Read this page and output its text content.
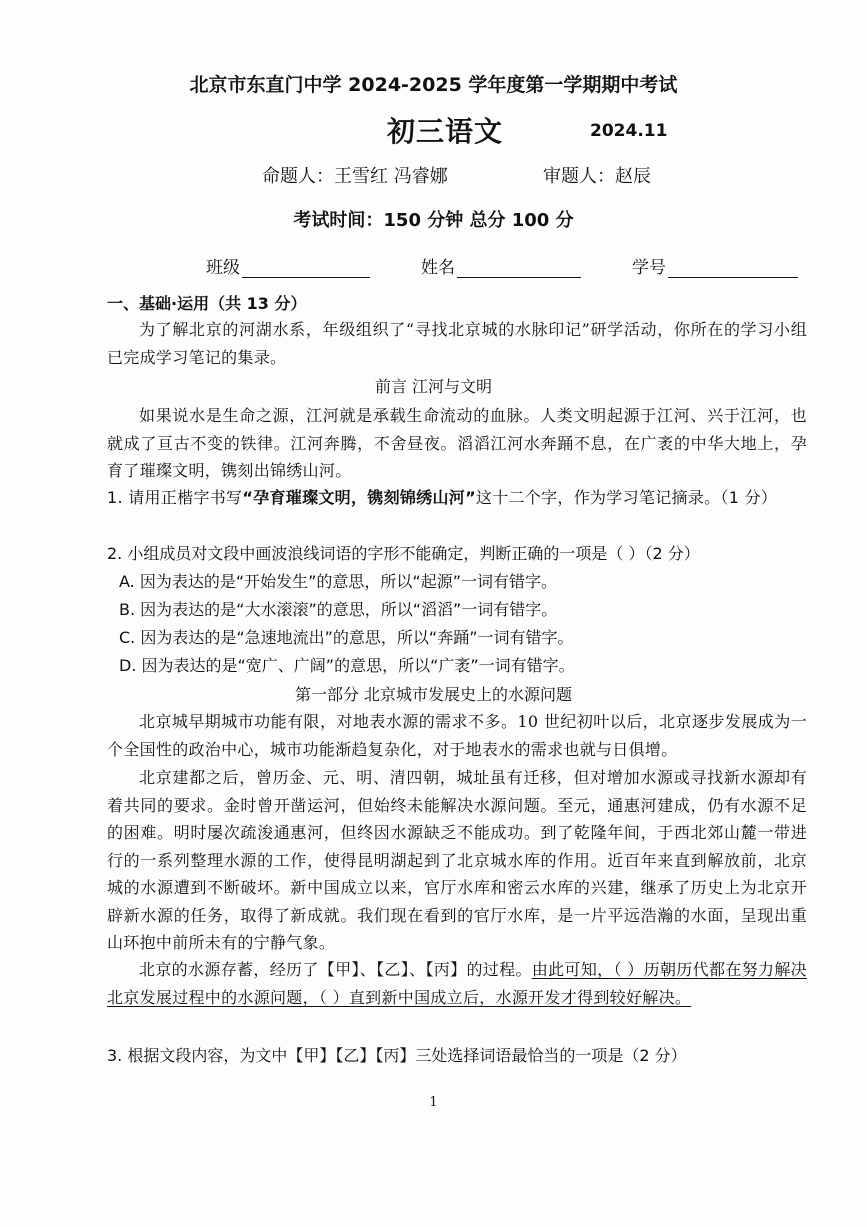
北京市东直门中学 2024-2025 学年度第一学期期中考试
初三语文	2024.11
命题人：王雪红 冯睿娜	审题人：赵辰
考试时间：150 分钟 总分 100 分
班级	姓名	学号
一、基础·运用（共 13 分）
为了解北京的河湖水系，年级组织了“寻找北京城的水脉印记”研学活动，你所在的学习小组已完成学习笔记的集录。
前言 江河与文明
如果说水是生命之源，江河就是承载生命流动的血脉。人类文明起源于江河、兴于江河，也就成了亘古不变的铁律。江河奔腾，不舍昼夜。滔滔江河水奔踊不息，在广袤的中华大地上，孕育了璀璨文明，镌刻出锦绣山河。
1. 请用正楷字书写“孕育璀璨文明，镌刻锦绣山河”这十二个字，作为学习笔记摘录。（1 分）
2. 小组成员对文段中画波浪线词语的字形不能确定，判断正确的一项是（ ）（2 分）
A. 因为表达的是“开始发生”的意思，所以“起源”一词有错字。
B. 因为表达的是“大水滚滚”的意思，所以“滔滔”一词有错字。
C. 因为表达的是“急速地流出”的意思，所以“奔踊”一词有错字。
D. 因为表达的是“宽广、广阔”的意思，所以“广袤”一词有错字。
第一部分 北京城市发展史上的水源问题
北京城早期城市功能有限，对地表水源的需求不多。10 世纪初叶以后，北京逐步发展成为一个全国性的政治中心，城市功能渐趋复杂化，对于地表水的需求也就与日俱增。
北京建都之后，曾历金、元、明、清四朝，城址虽有迁移，但对增加水源或寻找新水源却有着共同的要求。金时曾开凿运河，但始终未能解决水源问题。至元，通惠河建成，仍有水源不足的困难。明时屡次疏浚通惠河，但终因水源缺乏不能成功。到了乾隆年间，于西北郊山麓一带进行的一系列整理水源的工作，使得昆明湖起到了北京城水库的作用。近百年来直到解放前，北京城的水源遭到不断破坏。新中国成立以来，官厅水库和密云水库的兴建，继承了历史上为北京开辟新水源的任务，取得了新成就。我们现在看到的官厅水库，是一片平远浩瀚的水面，呈现出重山环抱中前所未有的宁静气象。
北京的水源存蓄，经历了【甲】、【乙】、【丙】的过程。由此可知，（ ）历朝历代都在努力解决北京发展过程中的水源问题，（ ）直到新中国成立后，水源开发才得到较好解决。
3. 根据文段内容，为文中【甲】【乙】【丙】三处选择词语最恰当的一项是（2 分）
1
